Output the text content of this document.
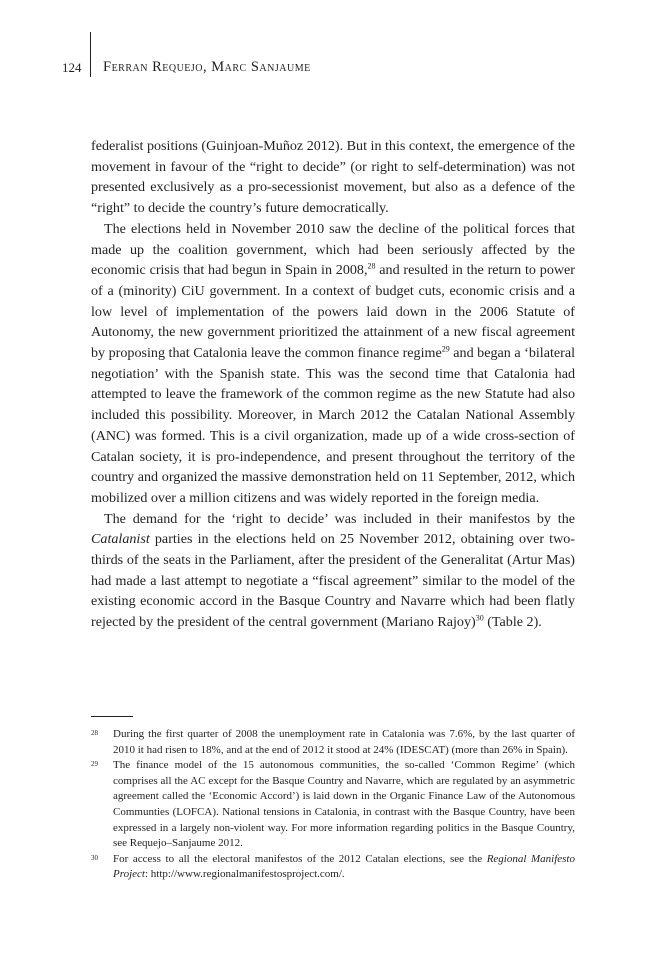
124 Ferran Requejo, Marc Sanjaume

federalist positions (Guinjoan-Muñoz 2012). But in this context, the emergence of the movement in favour of the “right to decide” (or right to self-determination) was not presented exclusively as a pro-secessionist movement, but also as a defence of the “right” to decide the country’s future democratically.

The elections held in November 2010 saw the decline of the political forces that made up the coalition government, which had been seriously affected by the economic crisis that had begun in Spain in 2008,28 and resulted in the return to power of a (minority) CiU government. In a context of budget cuts, economic crisis and a low level of implementation of the powers laid down in the 2006 Statute of Autonomy, the new government prioritized the attainment of a new fiscal agreement by proposing that Catalonia leave the common finance regime$^{29}$ and began a ‘bilateral negotiation’ with the Spanish state. This was the second time that Catalonia had attempted to leave the framework of the common regime as the new Statute had also included this possibility. Moreover, in March 2012 the Catalan National Assembly (ANC) was formed. This is a civil organization, made up of a wide cross-section of Catalan society, it is pro-independence, and present throughout the territory of the country and organized the massive demonstration held on 11 September, 2012, which mobilized over a million citizens and was widely reported in the foreign media.

The demand for the ‘right to decide’ was included in their manifestos by the Catalanist parties in the elections held on 25 November 2012, obtaining over two-thirds of the seats in the Parliament, after the president of the Generalitat (Artur Mas) had made a last attempt to negotiate a “fiscal agreement” similar to the model of the existing economic accord in the Basque Country and Navarre which had been flatly rejected by the president of the central government (Mariano Rajoy)$^{30}$ (Table 2).

28	During the first quarter of 2008 the unemployment rate in Catalonia was 7.6%, by the last quarter of 2010 it had risen to 18%, and at the end of 2012 it stood at 24% (IDESCAT) (more than 26% in Spain).

29	The finance model of the 15 autonomous communities, the so-called ‘Common Regime’ (which comprises all the AC except for the Basque Country and Navarre, which are regulated by an asymmetric agreement called the ‘Economic Accord’) is laid down in the Organic Finance Law of the Autonomous Communties (LOFCA). National tensions in Catalonia, in contrast with the Basque Country, have been expressed in a largely non-violent way. For more information regarding politics in the Basque Country, see Requejo–Sanjaume 2012.

30	For access to all the electoral manifestos of the 2012 Catalan elections, see the Regional Manifesto Project: http://www.regionalmanifestosproject.com/.
